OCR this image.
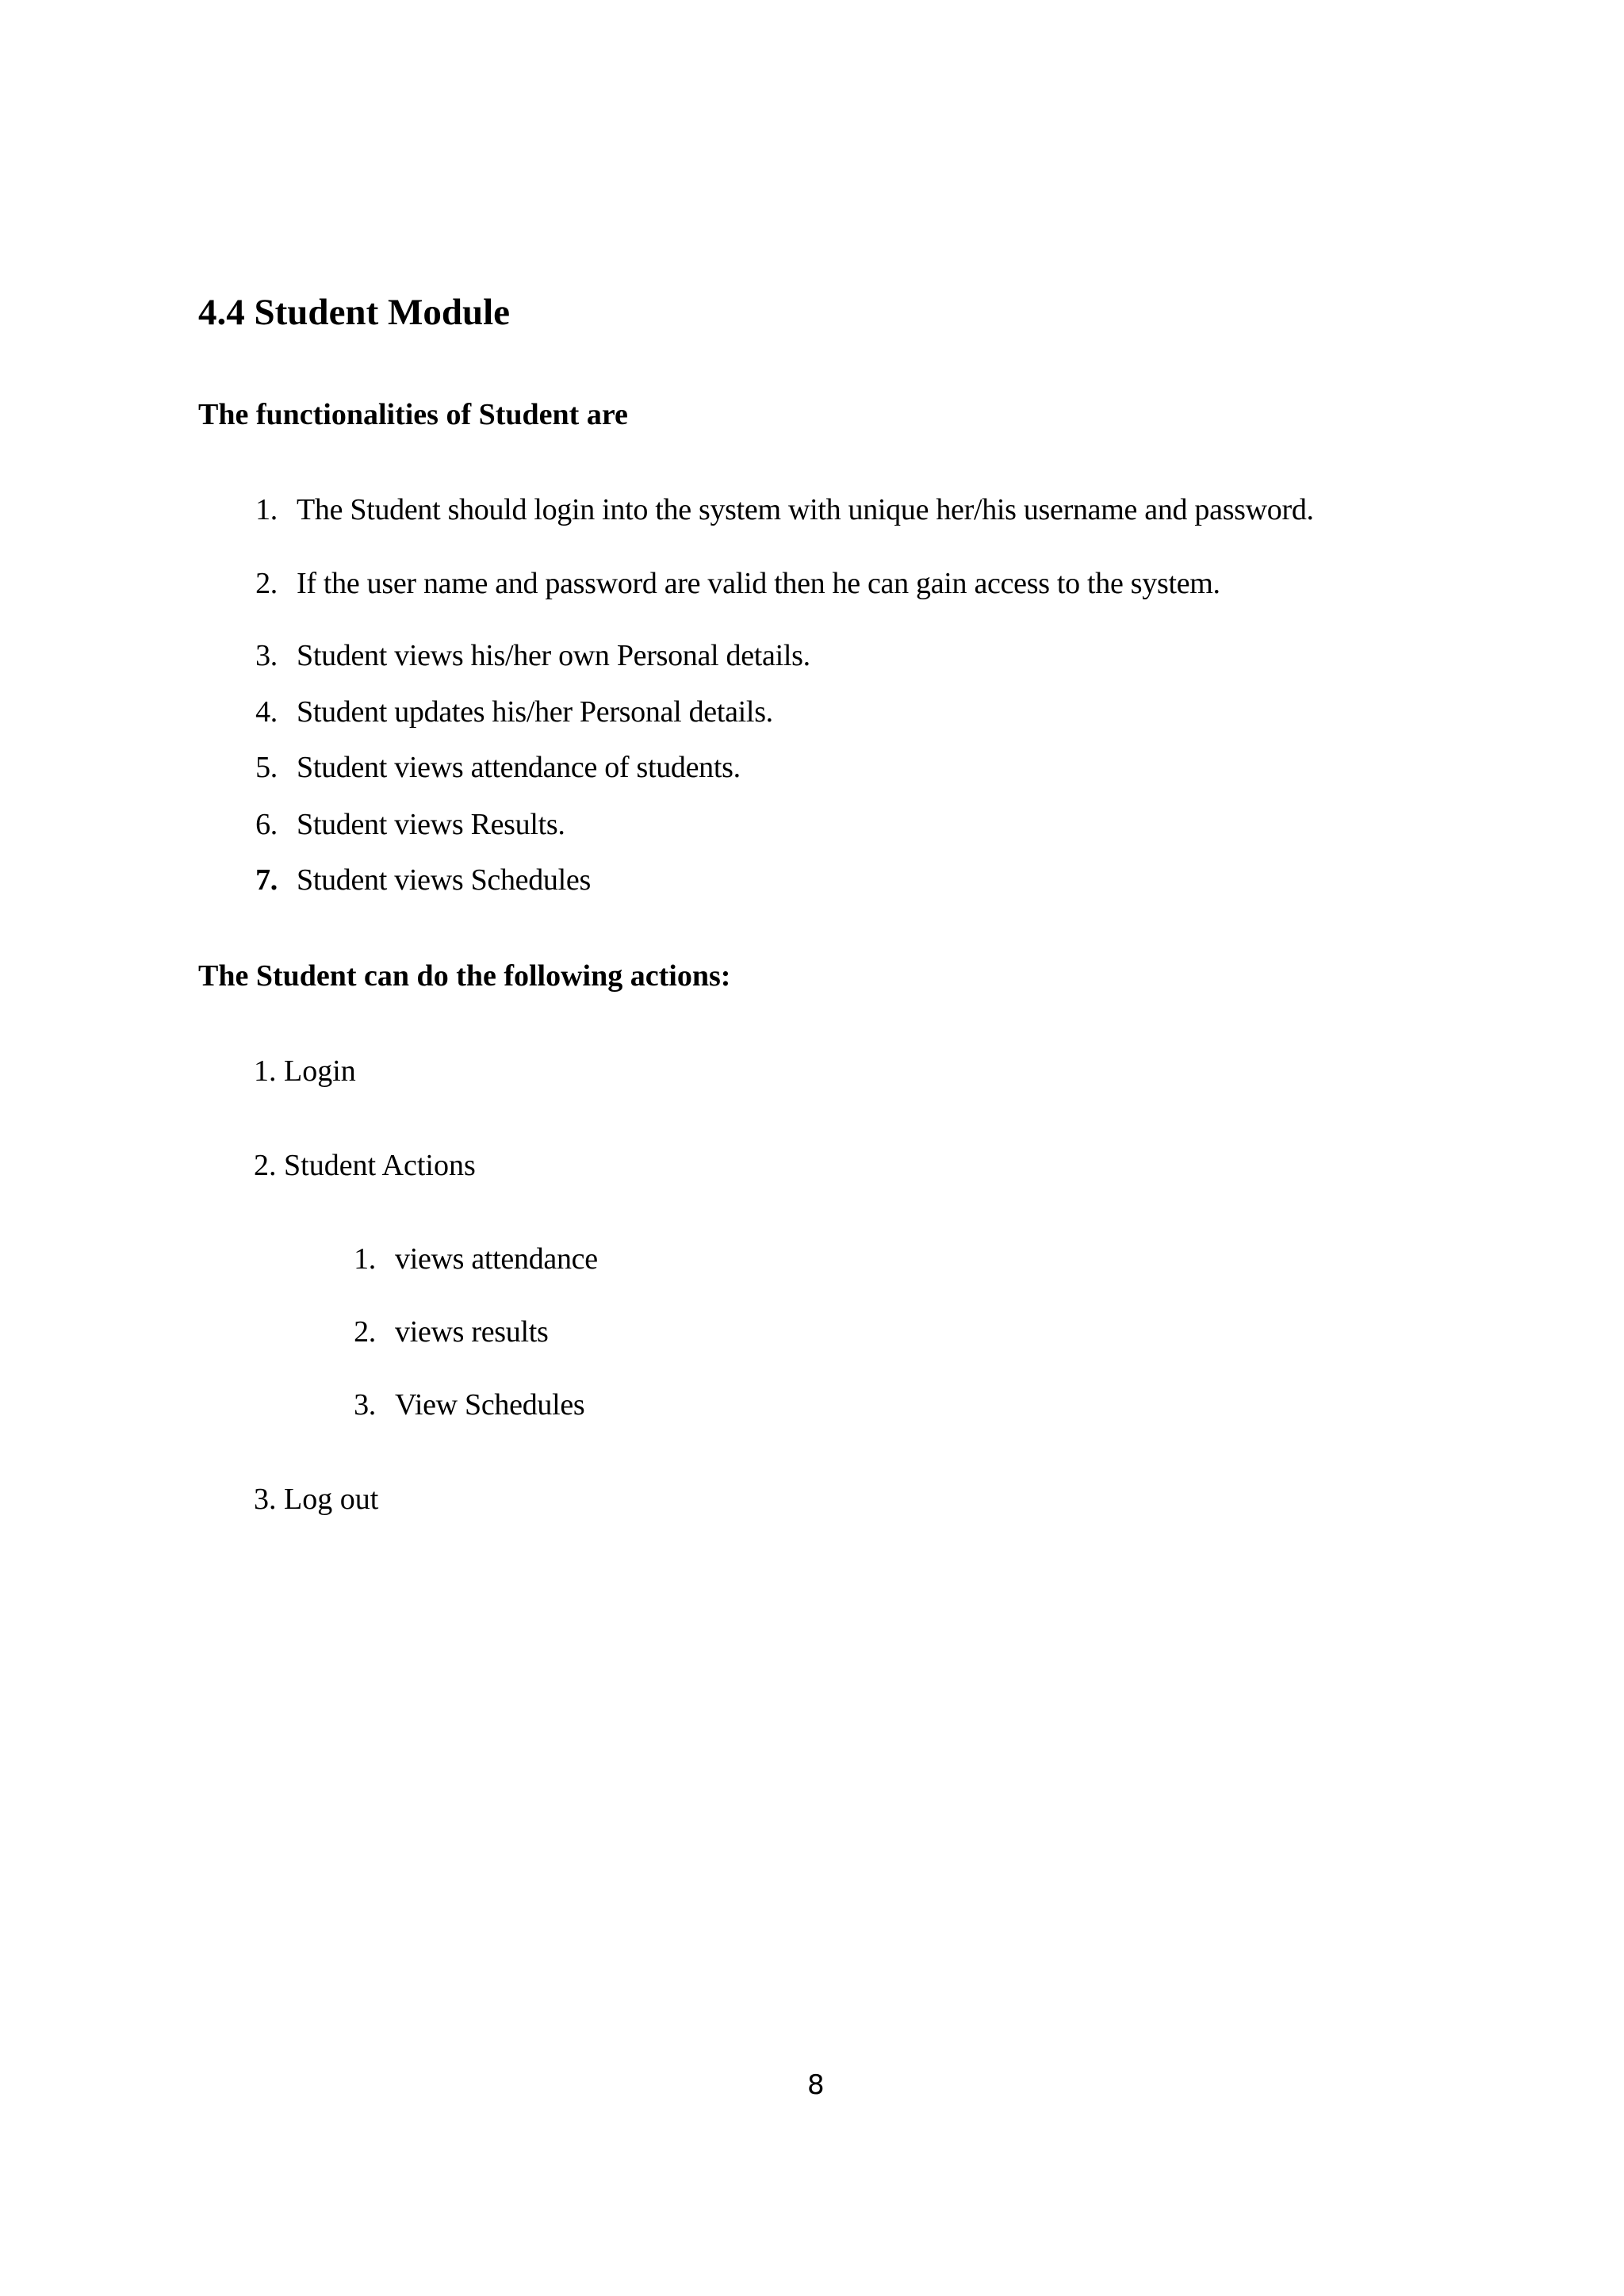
4.4 Student Module
The functionalities of Student are
1. The Student should login into the system with unique her/his username and password.
2. If the user name and password are valid then he can gain access to the system.
3. Student views his/her own Personal details.
4. Student updates his/her Personal details.
5. Student views attendance of students.
6. Student views Results.
7. Student views Schedules
The Student can do the following actions:
1. Login
2. Student Actions
1. views attendance
2. views results
3. View Schedules
3. Log out
8
